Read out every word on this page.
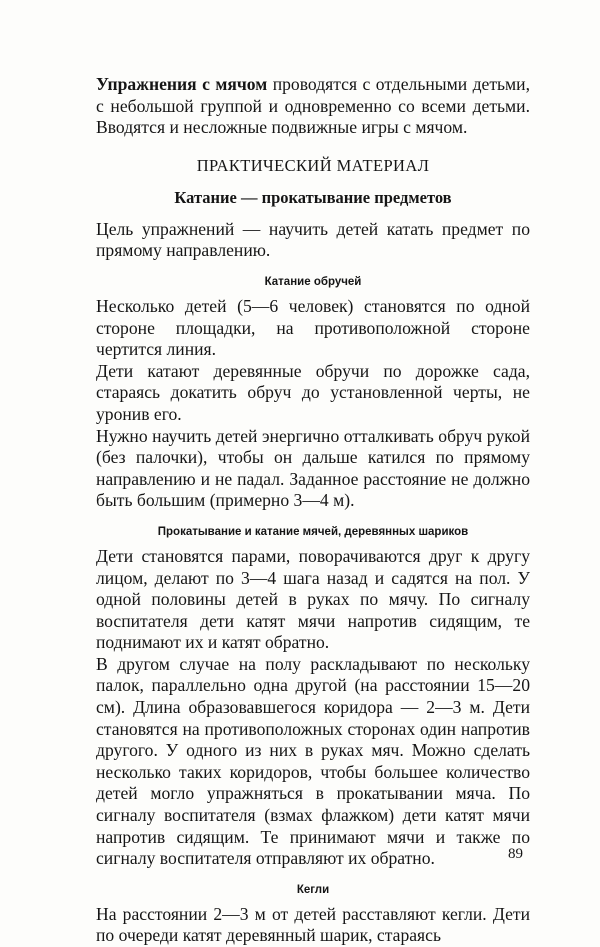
Упражнения с мячом проводятся с отдельными детьми, с небольшой группой и одновременно со всеми детьми. Вводятся и несложные подвижные игры с мячом.

ПРАКТИЧЕСКИЙ МАТЕРИАЛ
Катание — прокатывание предметов

Цель упражнений — научить детей катать предмет по прямому направлению.

Катание обручей

Несколько детей (5—6 человек) становятся по одной стороне площадки, на противоположной стороне чертится линия.

Дети катают деревянные обручи по дорожке сада, стараясь докатить обруч до установленной черты, не уронив его.

Нужно научить детей энергично отталкивать обруч рукой (без палочки), чтобы он дальше катился по прямому направлению и не падал. Заданное расстояние не должно быть большим (примерно 3—4 м).

Прокатывание и катание мячей, деревянных шариков

Дети становятся парами, поворачиваются друг к другу лицом, делают по 3—4 шага назад и садятся на пол. У одной половины детей в руках по мячу. По сигналу воспитателя дети катят мячи напротив сидящим, те поднимают их и катят обратно.

В другом случае на полу раскладывают по нескольку палок, параллельно одна другой (на расстоянии 15—20 см). Длина образовавшегося коридора — 2—3 м. Дети становятся на противоположных сторонах один напротив другого. У одного из них в руках мяч. Можно сделать несколько таких коридоров, чтобы большее количество детей могло упражняться в прокатывании мяча. По сигналу воспитателя (взмах флажком) дети катят мячи напротив сидящим. Те принимают мячи и также по сигналу воспитателя отправляют их обратно.

Кегли

На расстоянии 2—3 м от детей расставляют кегли. Дети по очереди катят деревянный шарик, стараясь

89
